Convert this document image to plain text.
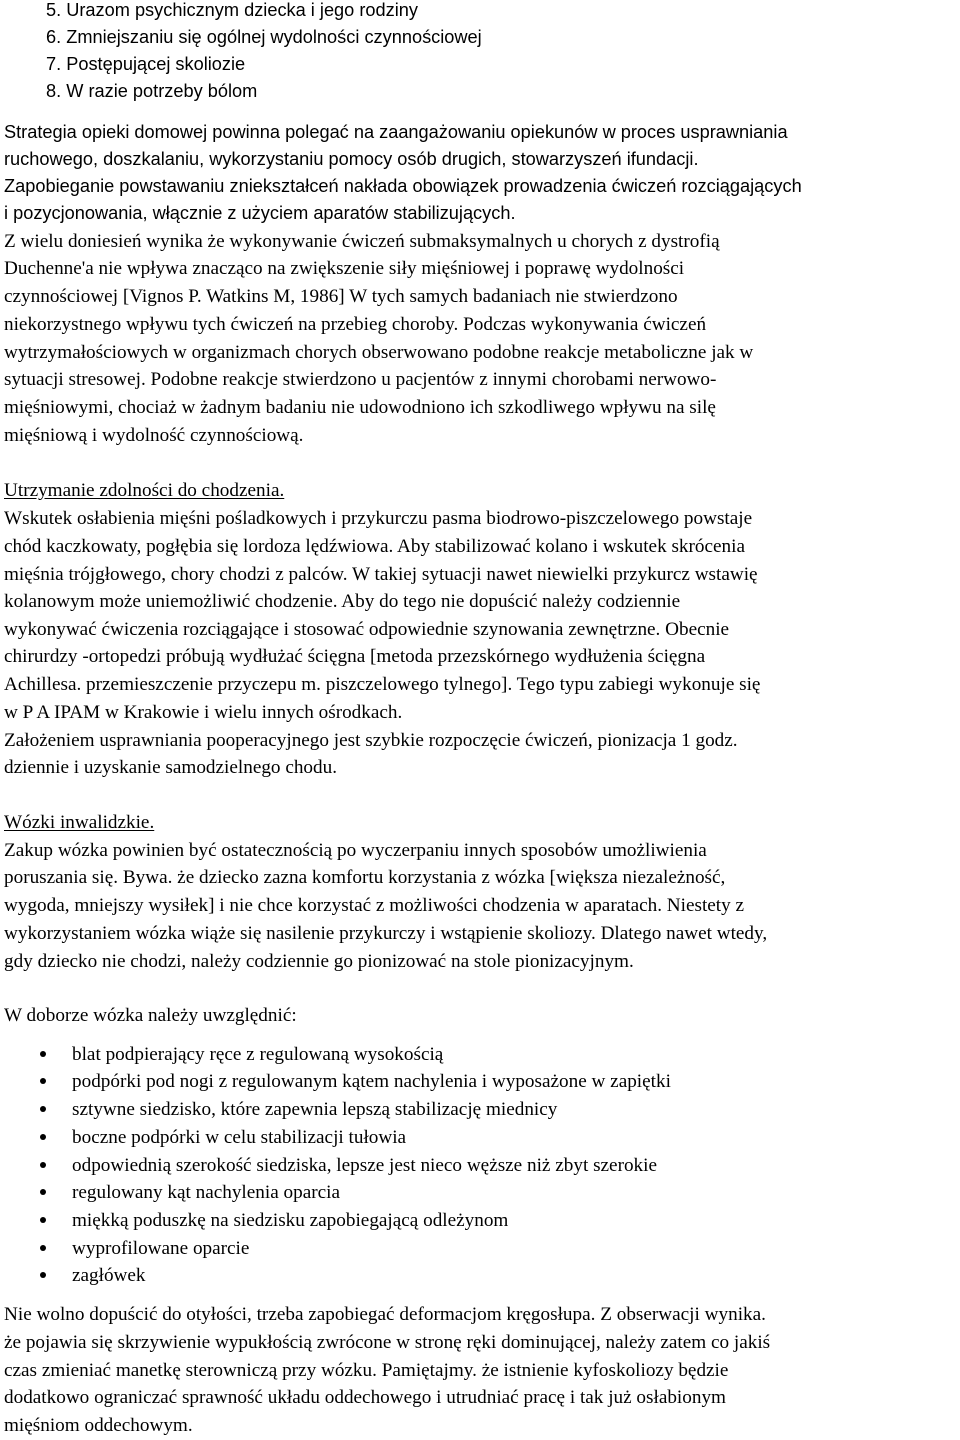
5. Urazom psychicznym dziecka i jego rodziny
6. Zmniejszaniu się ogólnej wydolności czynnościowej
7. Postępującej skoliozie
8. W razie potrzeby bólom
Strategia opieki domowej powinna polegać na zaangażowaniu opiekunów w proces usprawniania
ruchowego, doszkalaniu, wykorzystaniu pomocy osób drugich, stowarzyszeń ifundacji.
Zapobieganie powstawaniu zniekształceń nakłada obowiązek prowadzenia ćwiczeń rozciągających
i pozycjonowania, włącznie z użyciem aparatów stabilizujących.
Z wielu doniesień wynika że wykonywanie ćwiczeń submaksymalnych u chorych z dystrofią
Duchenne'a nie wpływa znacząco na zwiększenie siły mięśniowej i poprawę wydolności
czynnościowej [Vignos P. Watkins M, 1986] W tych samych badaniach nie stwierdzono
niekorzystnego wpływu tych ćwiczeń na przebieg choroby. Podczas wykonywania ćwiczeń
wytrzymałościowych w organizmach chorych obserwowano podobne reakcje metaboliczne jak w
sytuacji stresowej. Podobne reakcje stwierdzono u pacjentów z innymi chorobami nerwowo-
mięśniowymi, chociaż w żadnym badaniu nie udowodniono ich szkodliwego wpływu na silę
mięśniową i wydolność czynnościową.
Utrzymanie zdolności do chodzenia.
Wskutek osłabienia mięśni pośladkowych i przykurczu pasma biodrowo-piszczelowego powstaje
chód kaczkowaty, pogłębia się lordoza lędźwiowa. Aby stabilizować kolano i wskutek skrócenia
mięśnia trójgłowego, chory chodzi z palców. W takiej sytuacji nawet niewielki przykurcz wstawię
kolanowym może uniemożliwić chodzenie. Aby do tego nie dopuścić należy codziennie
wykonywać ćwiczenia rozciągające i stosować odpowiednie szynowania zewnętrzne. Obecnie
chirurdzy -ortopedzi próbują wydłużać ścięgna [metoda przezskórnego wydłużenia ścięgna
Achillesa. przemieszczenie przyczepu m. piszczelowego tylnego]. Tego typu zabiegi wykonuje się
w P A IPAM w Krakowie i wielu innych ośrodkach.
Założeniem usprawniania pooperacyjnego jest szybkie rozpoczęcie ćwiczeń, pionizacja 1 godz.
dziennie i uzyskanie samodzielnego chodu.
Wózki inwalidzkie.
Zakup wózka powinien być ostatecznością po wyczerpaniu innych sposobów umożliwienia
poruszania się. Bywa. że dziecko zazna komfortu korzystania z wózka [większa niezależność,
wygoda, mniejszy wysiłek] i nie chce korzystać z możliwości chodzenia w aparatach. Niestety z
wykorzystaniem wózka wiąże się nasilenie przykurczy i wstąpienie skoliozy. Dlatego nawet wtedy,
gdy dziecko nie chodzi, należy codziennie go pionizować na stole pionizacyjnym.
W doborze wózka należy uwzględnić:
blat podpierający ręce z regulowaną wysokością
podpórki pod nogi z regulowanym kątem nachylenia i wyposażone w zapiętki
sztywne siedzisko, które zapewnia lepszą stabilizację miednicy
boczne podpórki w celu stabilizacji tułowia
odpowiednią szerokość siedziska, lepsze jest nieco węższe niż zbyt szerokie
regulowany kąt nachylenia oparcia
miękką poduszkę na siedzisku zapobiegającą odleżynom
wyprofilowane oparcie
zagłówek
Nie wolno dopuścić do otyłości, trzeba zapobiegać deformacjom kręgosłupa. Z obserwacji wynika.
że pojawia się skrzywienie wypukłością zwrócone w stronę ręki dominującej, należy zatem co jakiś
czas zmieniać manetkę sterowniczą przy wózku. Pamiętajmy. że istnienie kyfoskoliozy będzie
dodatkowo ograniczać sprawność układu oddechowego i utrudniać pracę i tak już osłabionym
mięśniom oddechowym.
